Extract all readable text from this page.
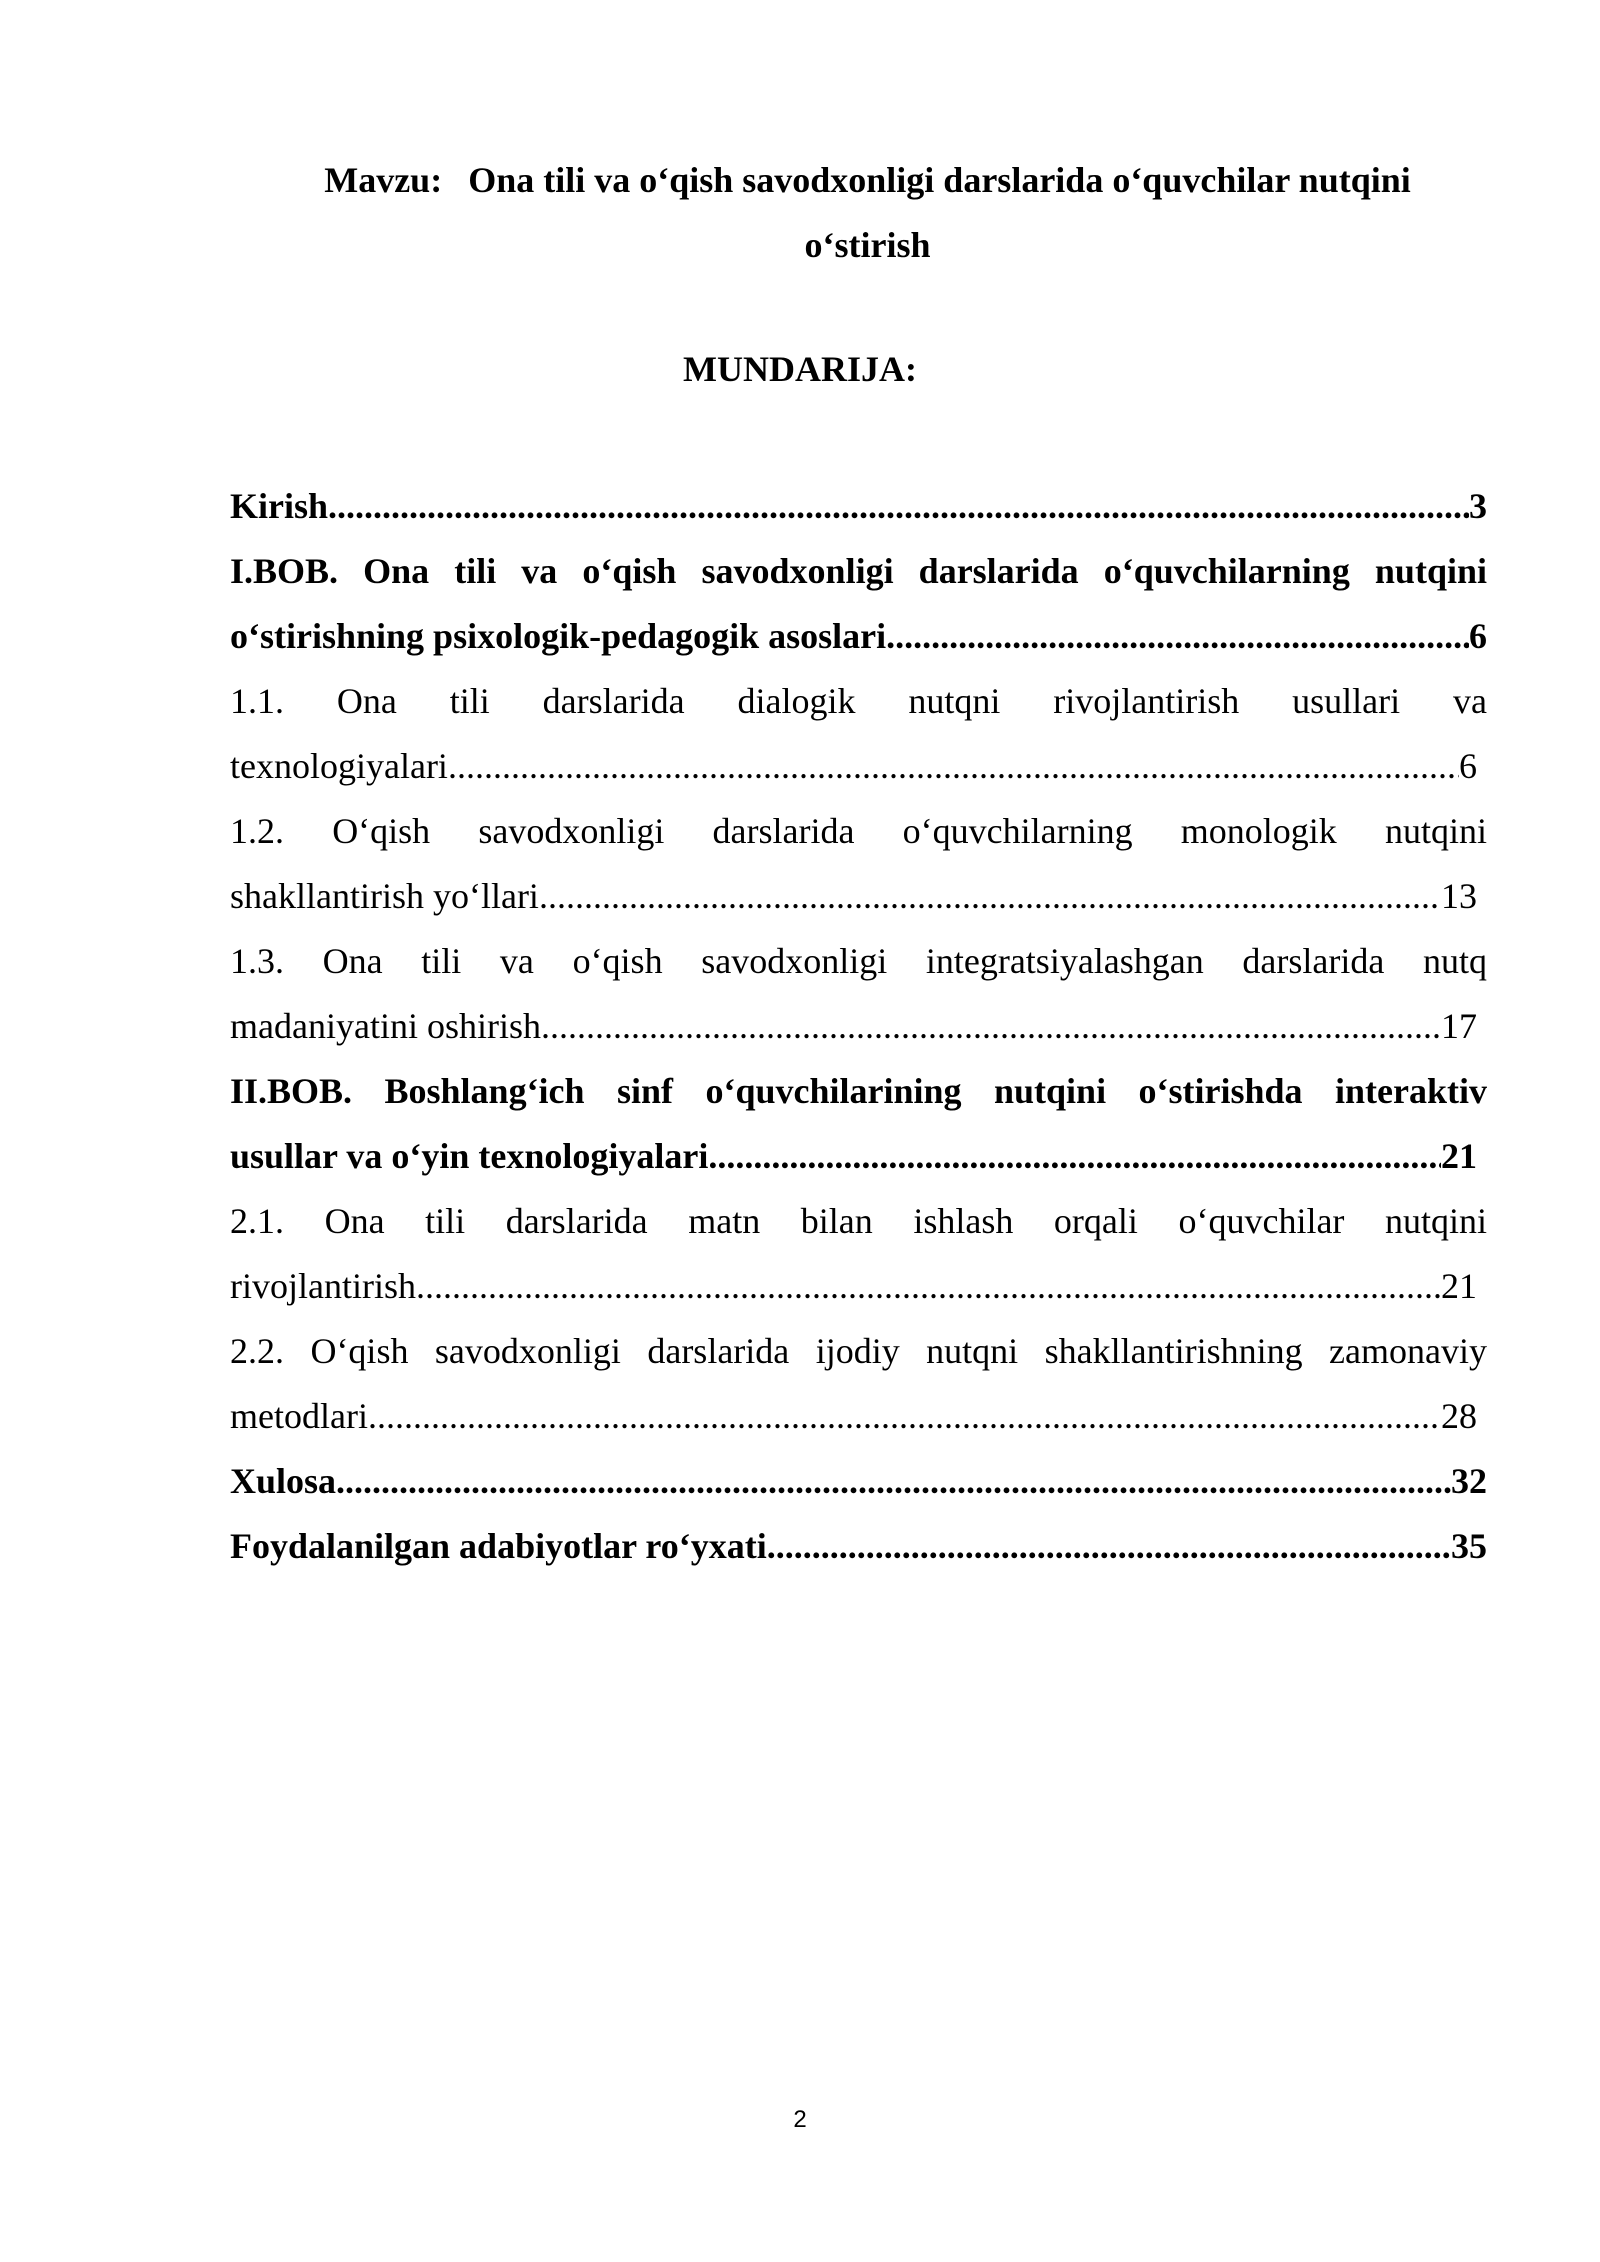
Mavzu: Ona tili va o‘qish savodxonligi darslarida o‘quvchilar nutqini
o‘stirish
MUNDARIJA:
Kirish .....	3
I.BOB. Ona tili va o‘qish savodxonligi darslarida o‘quvchilarning nutqini
o‘stirishning psixologik-pedagogik asoslari .....	6
1.1. Ona tili darslarida dialogik nutqni rivojlantirish usullari va
texnologiyalari .....	6
1.2. O‘qish savodxonligi darslarida o‘quvchilarning monologik nutqini
shakllantirish yo‘llari .....	13
1.3. Ona tili va o‘qish savodxonligi integratsiyalashgan darslarida nutq
madaniyatini oshirish .....	17
II.BOB. Boshlang‘ich sinf o‘quvchilarining nutqini o‘stirishda interaktiv
usullar va o‘yin texnologiyalari .....	21
2.1. Ona tili darslarida matn bilan ishlash orqali o‘quvchilar nutqini
rivojlantirish .....	21
2.2. O‘qish savodxonligi darslarida ijodiy nutqni shakllantirishning zamonaviy
metodlari .....	28
Xulosa .....	32
Foydalanilgan adabiyotlar ro‘yxati .....	35
2
